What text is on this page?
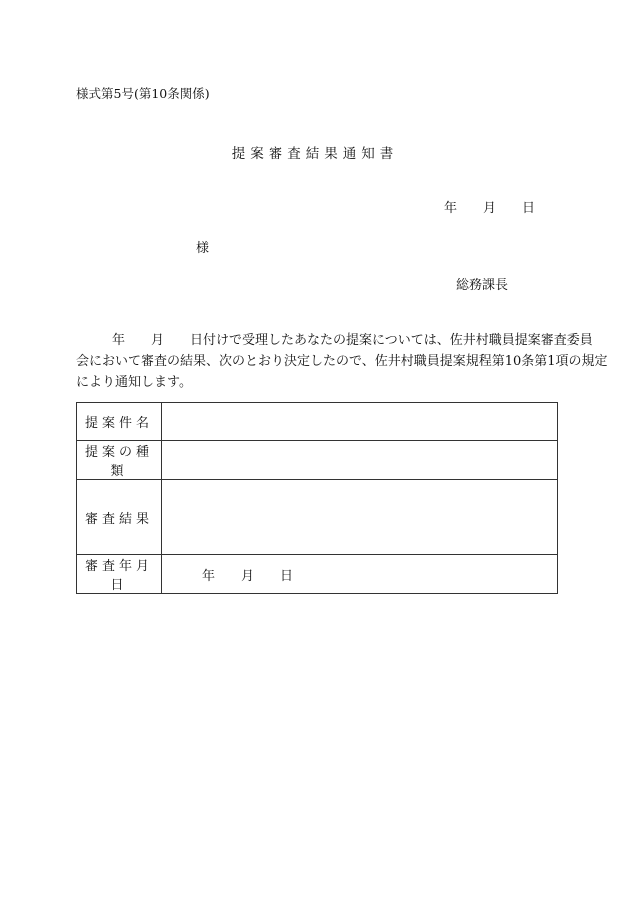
様式第5号(第10条関係)
提案審査結果通知書
年 月 日
様
総務課長
年 月 日付けで受理したあなたの提案については、佐井村職員提案審査委員
会において審査の結果、次のとおり決定したので、佐井村職員提案規程第10条第1項の規定
により通知します。
提案件名	
提案の種類	
審査結果	
審査年月日	年 月 日
